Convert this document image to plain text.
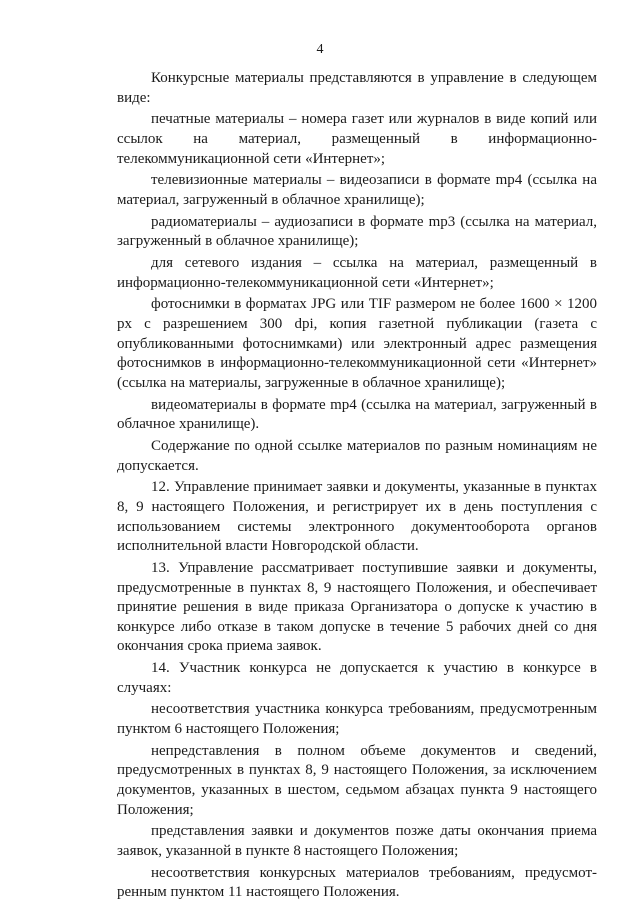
4

Конкурсные материалы представляются в управление в следующем виде:

печатные материалы – номера газет или журналов в виде копий или ссылок на материал, размещенный в информационно-телекоммуникационной сети «Интернет»;

телевизионные материалы – видеозаписи в формате mp4 (ссылка на материал, загруженный в облачное хранилище);

радиоматериалы – аудиозаписи в формате mp3 (ссылка на материал, загруженный в облачное хранилище);

для сетевого издания – ссылка на материал, размещенный в информационно-телекоммуникационной сети «Интернет»;

фотоснимки в форматах JPG или TIF размером не более 1600 × 1200 px с разрешением 300 dpi, копия газетной публикации (газета с опубликованными фотоснимками) или электронный адрес размещения фотоснимков в информационно-телекоммуникационной сети «Интернет» (ссылка на материалы, загруженные в облачное хранилище);

видеоматериалы в формате mp4 (ссылка на материал, загруженный в облачное хранилище).

Содержание по одной ссылке материалов по разным номинациям не допускается.

12. Управление принимает заявки и документы, указанные в пунктах 8, 9 настоящего Положения, и регистрирует их в день поступления с использованием системы электронного документооборота органов исполнительной власти Новгородской области.

13. Управление рассматривает поступившие заявки и документы, предусмотренные в пунктах 8, 9 настоящего Положения, и обеспечивает принятие решения в виде приказа Организатора о допуске к участию в конкурсе либо отказе в таком допуске в течение 5 рабочих дней со дня окончания срока приема заявок.

14. Участник конкурса не допускается к участию в конкурсе в случаях:

несоответствия участника конкурса требованиям, предусмотренным пунктом 6 настоящего Положения;

непредставления в полном объеме документов и сведений, предусмотренных в пунктах 8, 9 настоящего Положения, за исключением документов, указанных в шестом, седьмом абзацах пункта 9 настоящего Положения;

представления заявки и документов позже даты окончания приема заявок, указанной в пункте 8 настоящего Положения;

несоответствия конкурсных материалов требованиям, предусмот-ренным пунктом 11 настоящего Положения.
